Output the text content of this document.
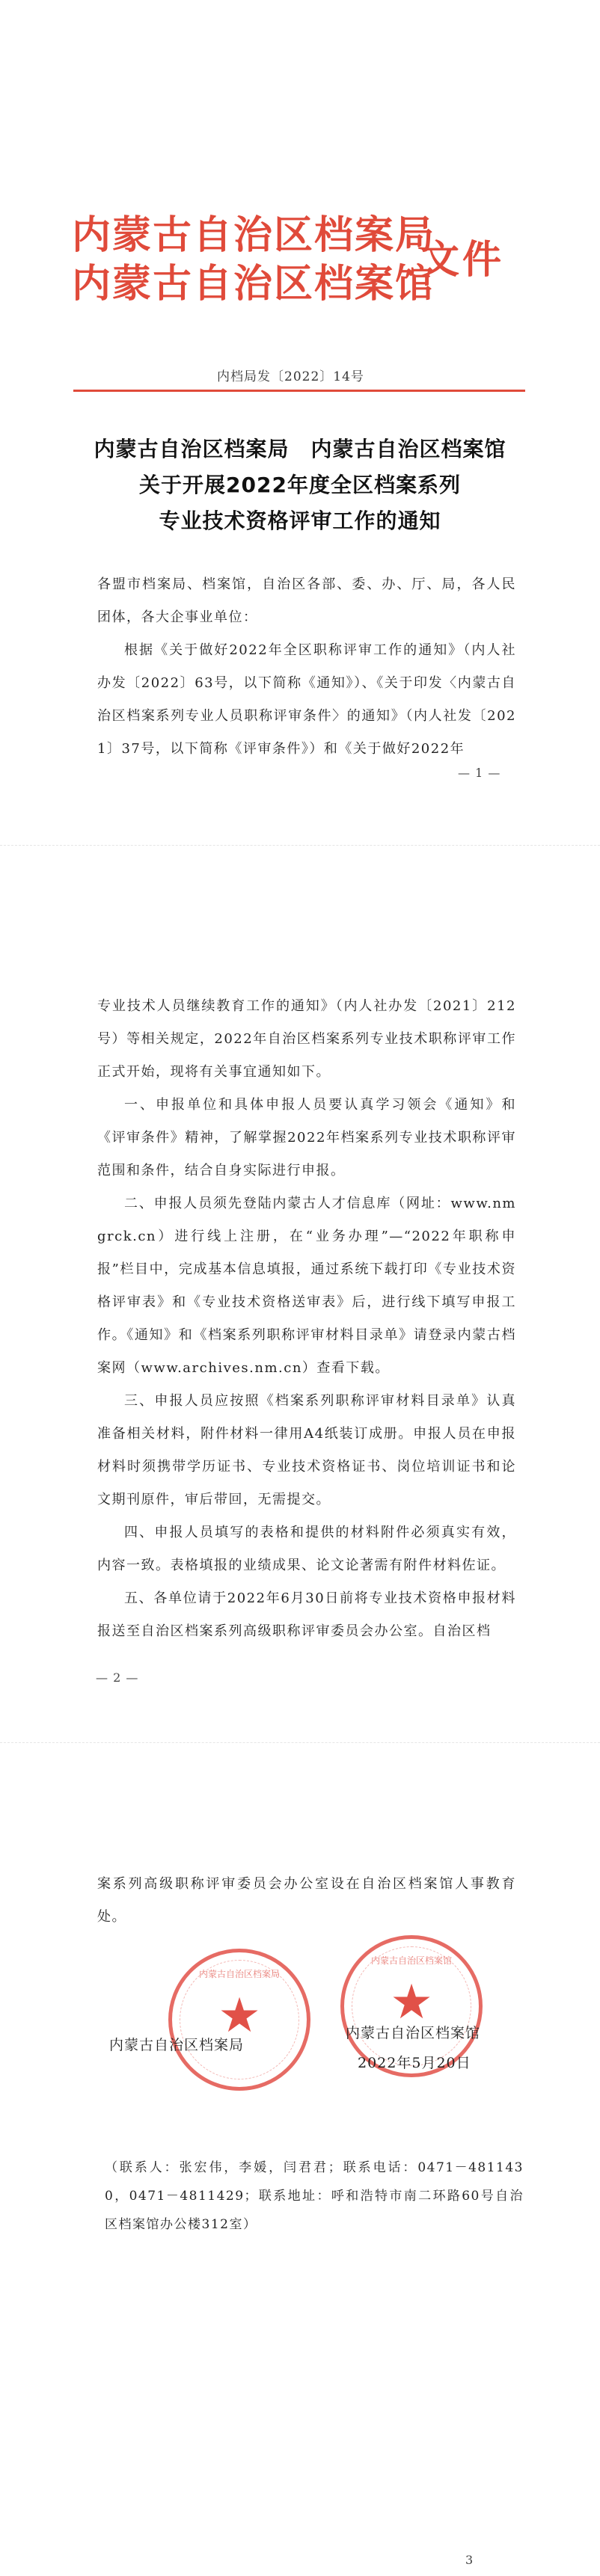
内蒙古自治区档案局
内蒙古自治区档案馆
文件
内档局发〔2022〕14号
内蒙古自治区档案局　内蒙古自治区档案馆
关于开展2022年度全区档案系列
专业技术资格评审工作的通知
各盟市档案局、档案馆，自治区各部、委、办、厅、局，各人民团体，各大企事业单位：
根据《关于做好2022年全区职称评审工作的通知》（内人社办发〔2022〕63号，以下简称《通知》）、《关于印发〈内蒙古自治区档案系列专业人员职称评审条件〉的通知》（内人社发〔2021〕37号，以下简称《评审条件》）和《关于做好2022年
— 1 —
专业技术人员继续教育工作的通知》（内人社办发〔2021〕212号）等相关规定，2022年自治区档案系列专业技术职称评审工作正式开始，现将有关事宜通知如下。
一、申报单位和具体申报人员要认真学习领会《通知》和《评审条件》精神，了解掌握2022年档案系列专业技术职称评审范围和条件，结合自身实际进行申报。
二、申报人员须先登陆内蒙古人才信息库（网址：www.nmgrck.cn）进行线上注册，在“业务办理”—“2022年职称申报”栏目中，完成基本信息填报，通过系统下载打印《专业技术资格评审表》和《专业技术资格送审表》后，进行线下填写申报工作。《通知》和《档案系列职称评审材料目录单》请登录内蒙古档案网（www.archives.nm.cn）查看下载。
三、申报人员应按照《档案系列职称评审材料目录单》认真准备相关材料，附件材料一律用A4纸装订成册。申报人员在申报材料时须携带学历证书、专业技术资格证书、岗位培训证书和论文期刊原件，审后带回，无需提交。
四、申报人员填写的表格和提供的材料附件必须真实有效，内容一致。表格填报的业绩成果、论文论著需有附件材料佐证。
五、各单位请于2022年6月30日前将专业技术资格申报材料报送至自治区档案系列高级职称评审委员会办公室。自治区档
— 2 —
案系列高级职称评审委员会办公室设在自治区档案馆人事教育处。
内蒙古自治区档案局
★
内蒙古自治区档案馆
★
内蒙古自治区档案局
内蒙古自治区档案馆
2022年5月20日
（联系人：张宏伟，李媛，闫君君；联系电话：0471－4811430，0471－4811429；联系地址：呼和浩特市南二环路60号自治区档案馆办公楼312室）
3
